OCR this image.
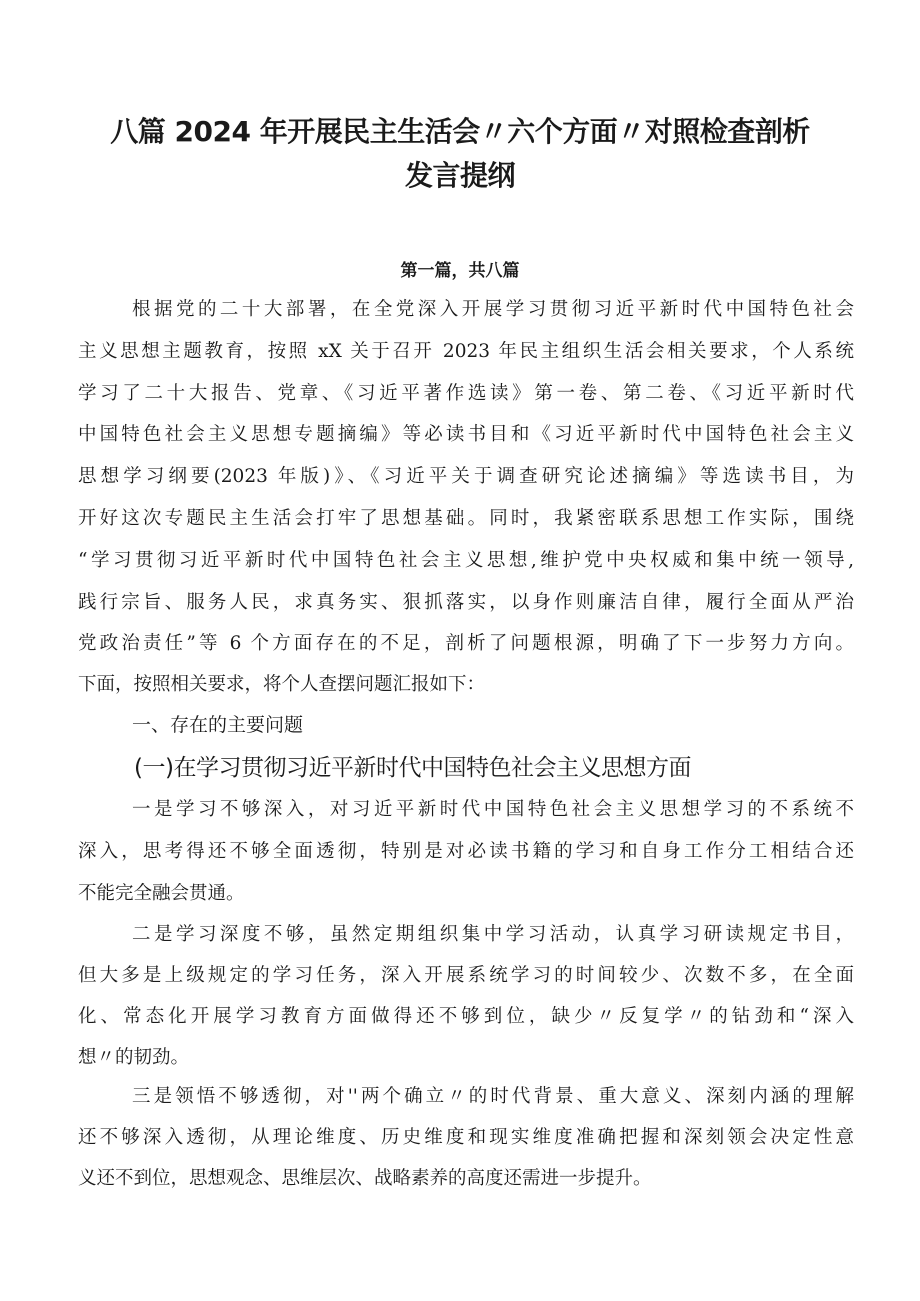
八篇 2024 年开展民主生活会〃六个方面〃对照检查剖析
发言提纲
第一篇，共八篇
根据党的二十大部署，在全党深入开展学习贯彻习近平新时代中国特色社会
主义思想主题教育，按照 xX 关于召开 2023 年民主组织生活会相关要求，个人系统
学习了二十大报告、党章、《习近平著作选读》第一卷、第二卷、《习近平新时代
中国特色社会主义思想专题摘编》等必读书目和《习近平新时代中国特色社会主义
思想学习纲要(2023 年版)》、《习近平关于调查研究论述摘编》等选读书目，为
开好这次专题民主生活会打牢了思想基础。同时，我紧密联系思想工作实际，围绕
“学习贯彻习近平新时代中国特色社会主义思想,维护党中央权威和集中统一领导,
践行宗旨、服务人民，求真务实、狠抓落实，以身作则廉洁自律，履行全面从严治
党政治责任”等 6 个方面存在的不足，剖析了问题根源，明确了下一步努力方向。
下面，按照相关要求，将个人查摆问题汇报如下：
一、存在的主要问题
(一)在学习贯彻习近平新时代中国特色社会主义思想方面
一是学习不够深入，对习近平新时代中国特色社会主义思想学习的不系统不
深入，思考得还不够全面透彻，特别是对必读书籍的学习和自身工作分工相结合还
不能完全融会贯通。
二是学习深度不够，虽然定期组织集中学习活动，认真学习研读规定书目，
但大多是上级规定的学习任务，深入开展系统学习的时间较少、次数不多，在全面
化、常态化开展学习教育方面做得还不够到位，缺少〃反复学〃的钻劲和“深入
想〃的韧劲。
三是领悟不够透彻，对''两个确立〃的时代背景、重大意义、深刻内涵的理解
还不够深入透彻，从理论维度、历史维度和现实维度准确把握和深刻领会决定性意
义还不到位，思想观念、思维层次、战略素养的高度还需进一步提升。
